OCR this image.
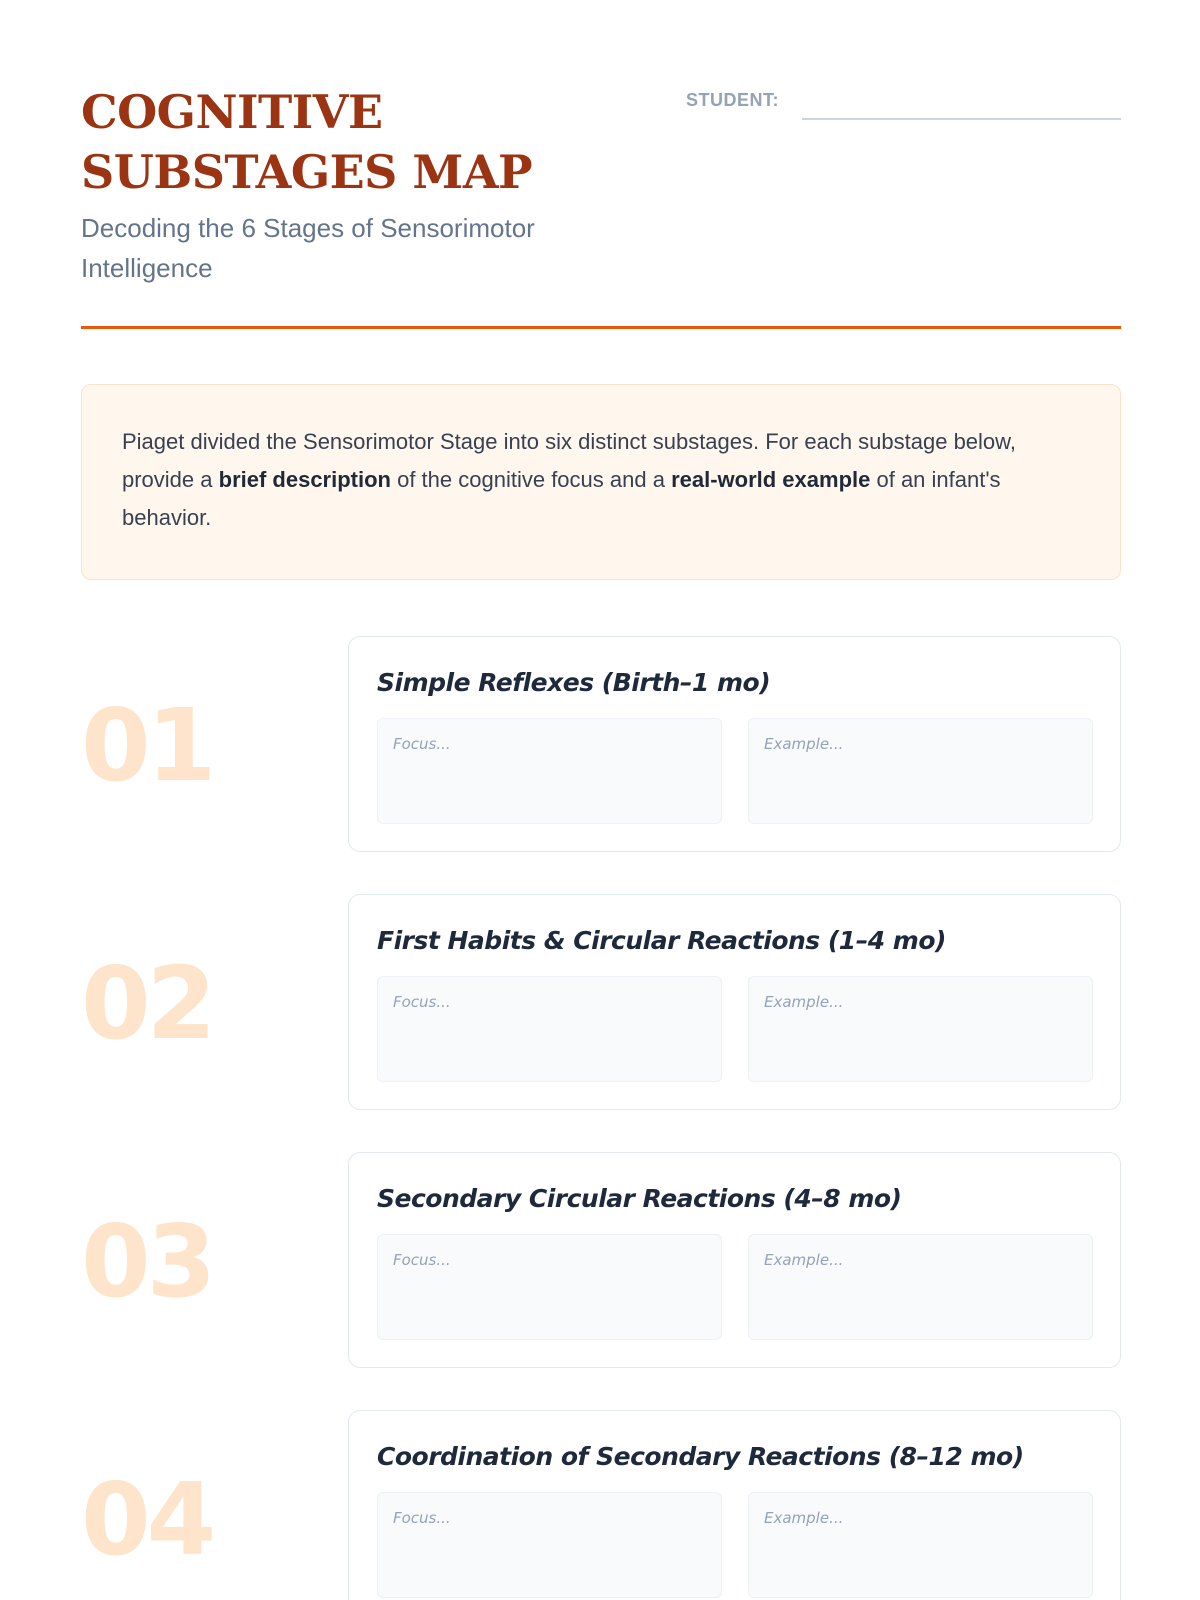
COGNITIVE SUBSTAGES MAP
Decoding the 6 Stages of Sensorimotor Intelligence
STUDENT:
Piaget divided the Sensorimotor Stage into six distinct substages. For each substage below, provide a brief description of the cognitive focus and a real-world example of an infant's behavior.
01
Simple Reflexes (Birth–1 mo)
Focus...	Example...
02
First Habits & Circular Reactions (1–4 mo)
Focus...	Example...
03
Secondary Circular Reactions (4–8 mo)
Focus...	Example...
04
Coordination of Secondary Reactions (8–12 mo)
Focus...	Example...
